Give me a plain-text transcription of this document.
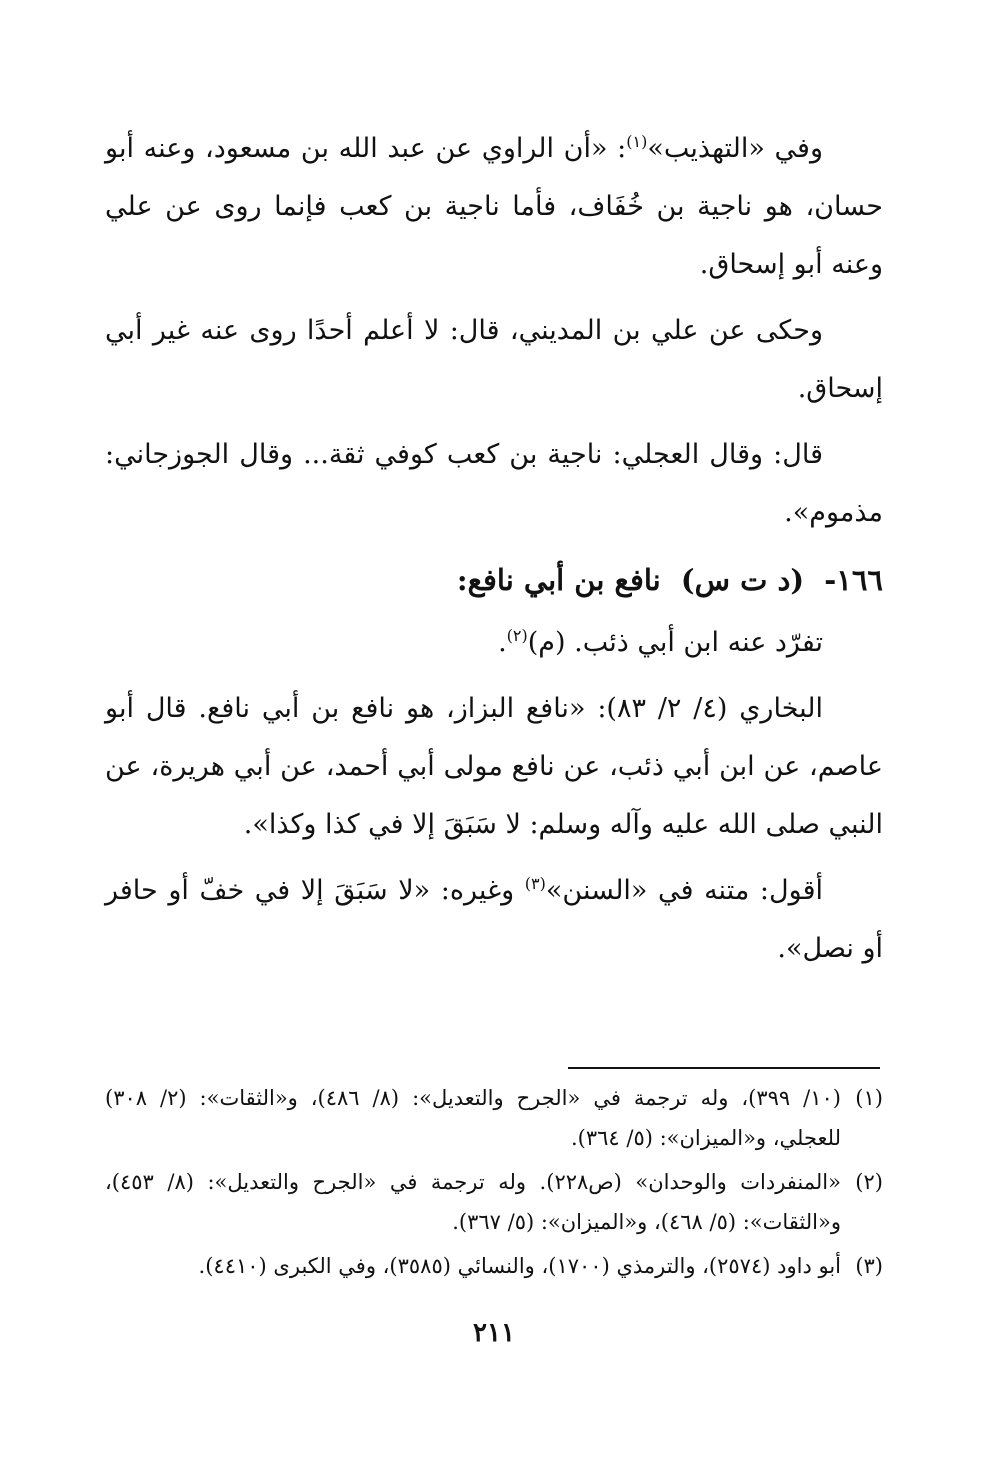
وفي «التهذيب»$^{(١)}$: «أن الراوي عن عبد الله بن مسعود، وعنه أبو حسان، هو ناجية بن خُفَاف، فأما ناجية بن كعب فإنما روى عن علي وعنه أبو إسحاق.

وحكى عن علي بن المديني، قال: لا أعلم أحدًا روى عنه غير أبي إسحاق.

قال: وقال العجلي: ناجية بن كعب كوفي ثقة... وقال الجوزجاني: مذموم».

١٦٦- (د ت س) نافع بن أبي نافع:

تفرّد عنه ابن أبي ذئب. (م)$^{(٢)}$.

البخاري (٤/ ٢/ ٨٣): «نافع البزاز، هو نافع بن أبي نافع. قال أبو عاصم، عن ابن أبي ذئب، عن نافع مولى أبي أحمد، عن أبي هريرة، عن النبي صلى الله عليه وآله وسلم: لا سَبَقَ إلا في كذا وكذا».

أقول: متنه في «السنن»$^{(٣)}$ وغيره: «لا سَبَقَ إلا في خفّ أو حافر أو نصل».

(١)(١٠/ ٣٩٩)، وله ترجمة في «الجرح والتعديل»: (٨/ ٤٨٦)، و«الثقات»: (٢/ ٣٠٨) للعجلي، و«الميزان»: (٥/ ٣٦٤).

(٢)«المنفردات والوحدان» (ص٢٢٨). وله ترجمة في «الجرح والتعديل»: (٨/ ٤٥٣)، و«الثقات»: (٥/ ٤٦٨)، و«الميزان»: (٥/ ٣٦٧).

(٣)أبو داود (٢٥٧٤)، والترمذي (١٧٠٠)، والنسائي (٣٥٨٥)، وفي الكبرى (٤٤١٠).

٢١١
